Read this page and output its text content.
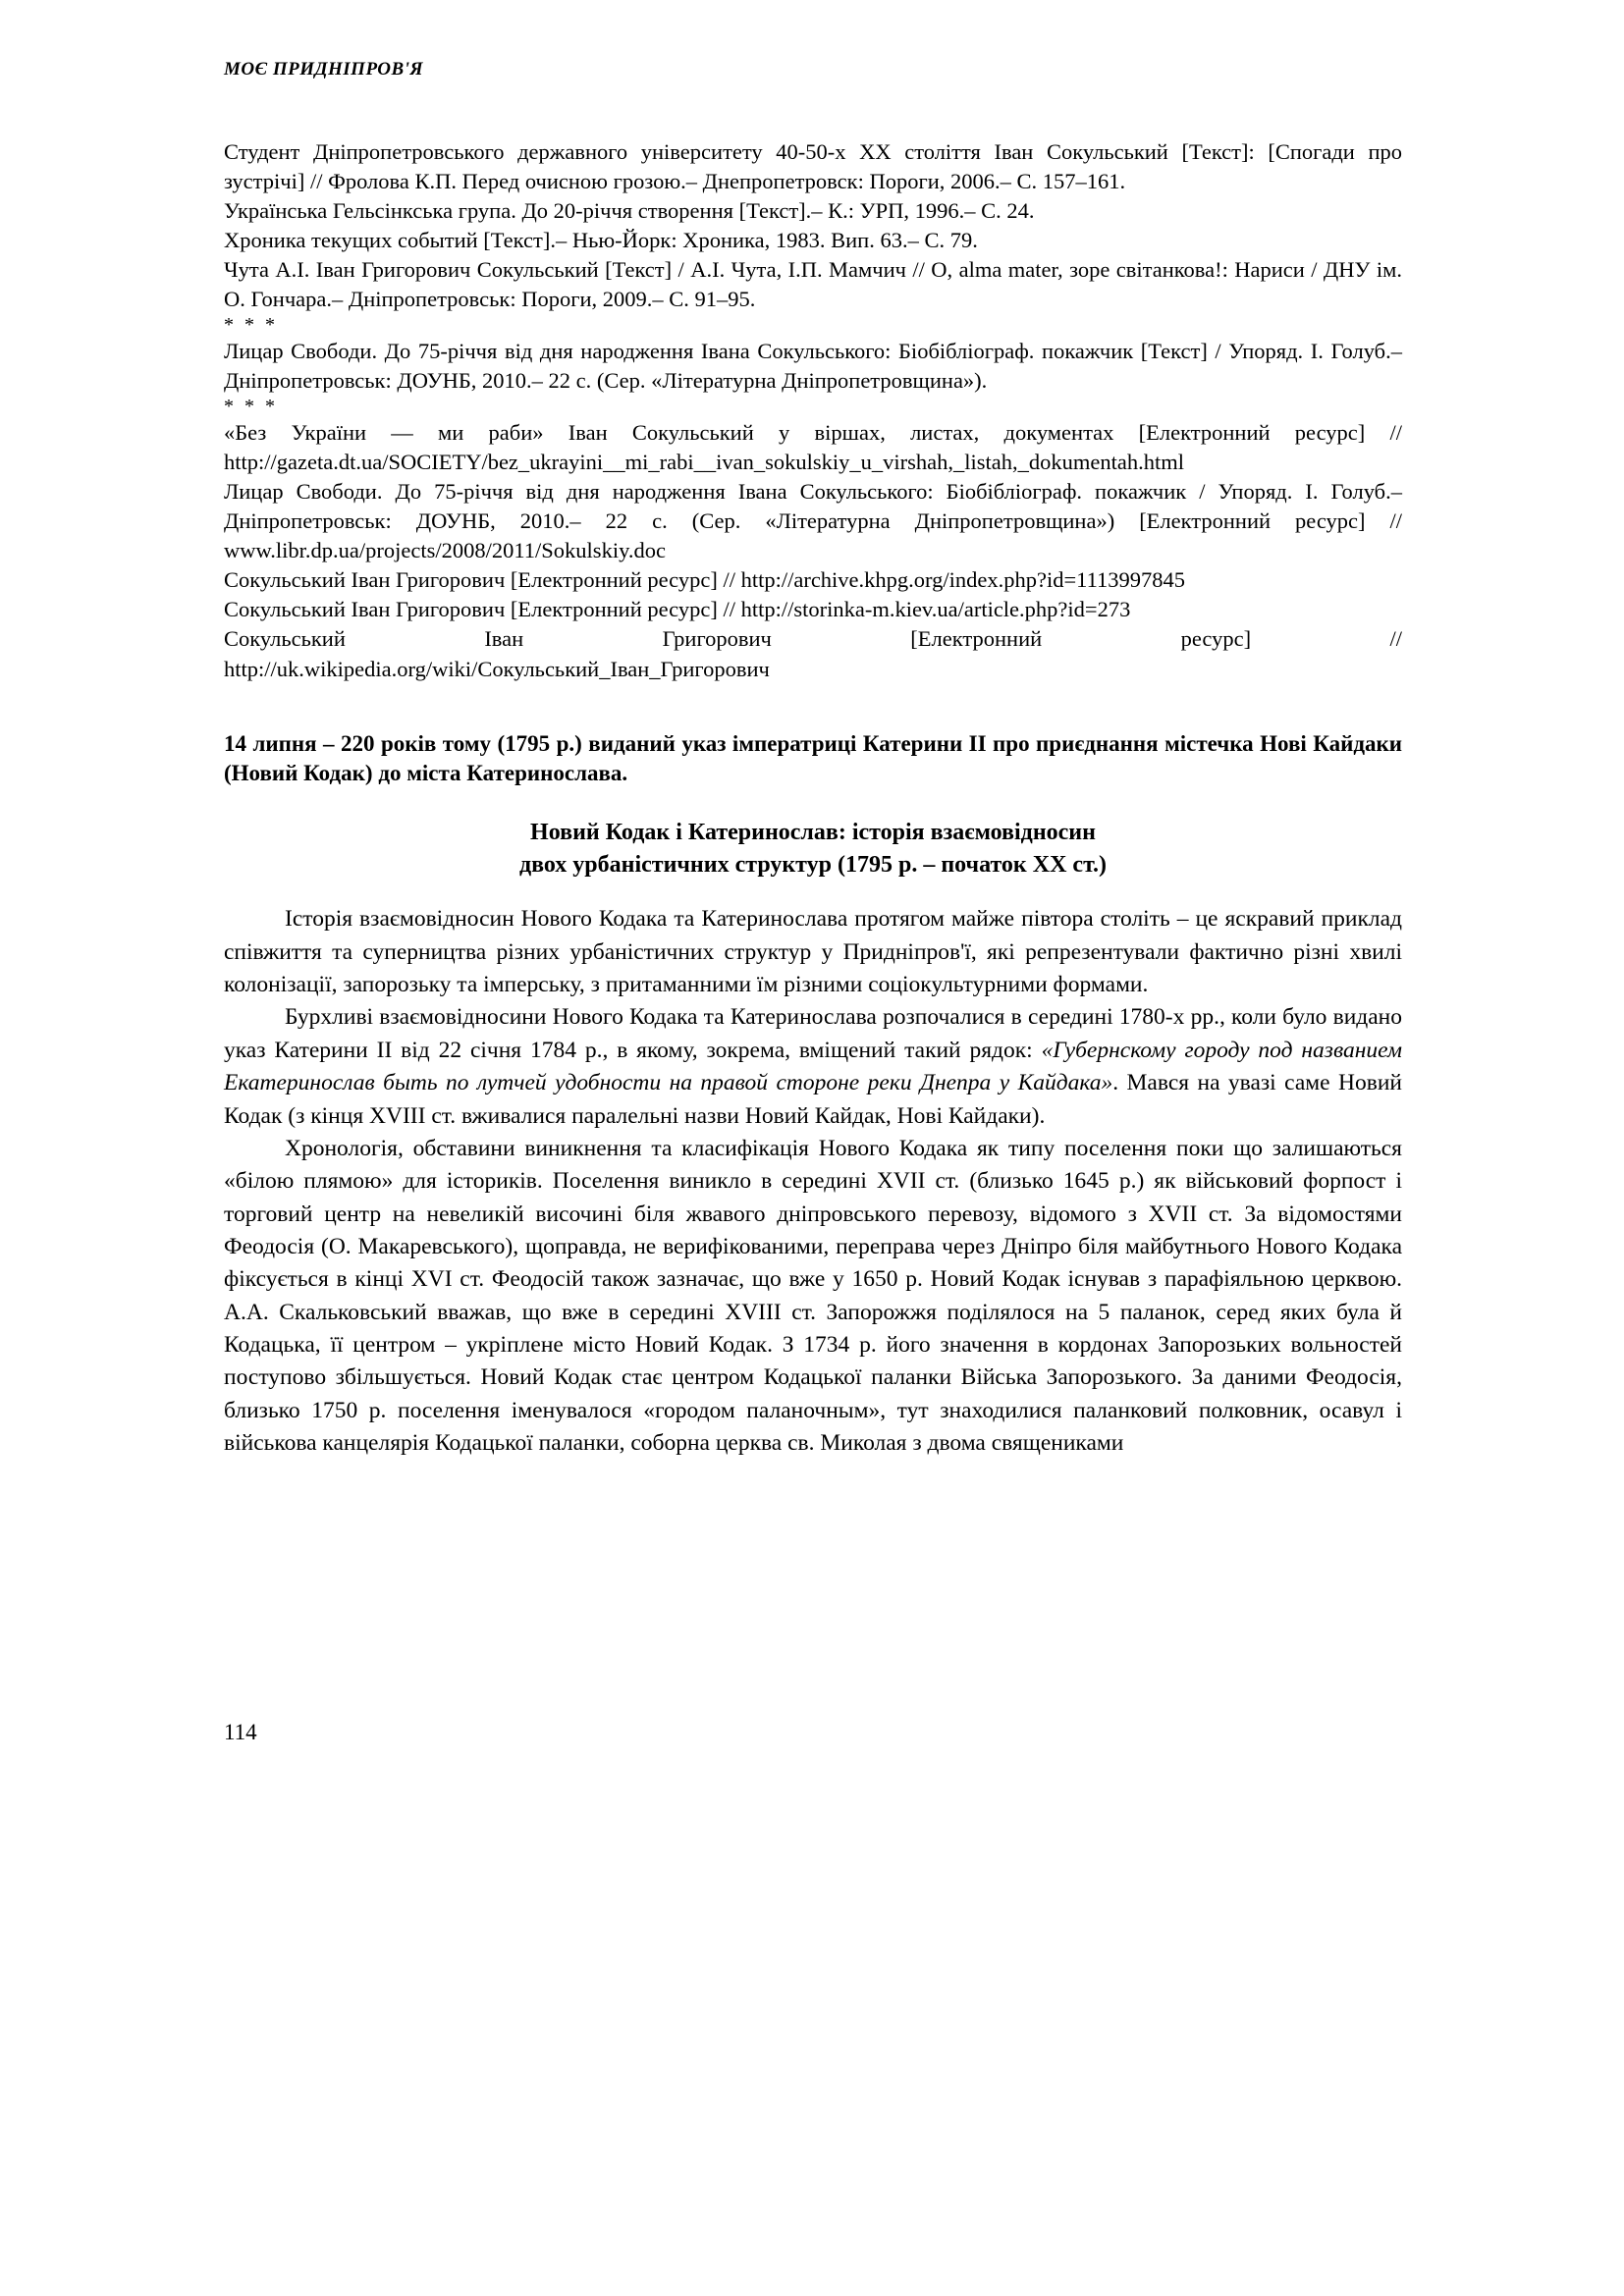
МОЄ ПРИДНІПРОВ'Я

Студент Дніпропетровського державного університету 40-50-х ХХ століття Іван Сокульський [Текст]: [Спогади про зустрічі] // Фролова К.П. Перед очисною грозою.– Днепропетровск: Пороги, 2006.– С. 157–161.

Українська Гельсінкська група. До 20-річчя створення [Текст].– К.: УРП, 1996.– С. 24.

Хроника текущих событий [Текст].– Нью-Йорк: Хроника, 1983. Вип. 63.– С. 79.

Чута А.І. Іван Григорович Сокульський [Текст] / А.І. Чута, І.П. Мамчич // О, alma mater, зоре світанкова!: Нариси / ДНУ ім. О. Гончара.– Дніпропетровськ: Пороги, 2009.– С. 91–95.

* * *

Лицар Свободи. До 75-річчя від дня народження Івана Сокульського: Біобібліограф. покажчик [Текст] / Упоряд. І. Голуб.– Дніпропетровськ: ДОУНБ, 2010.– 22 с. (Сер. «Літературна Дніпропетровщина»).

* * *

«Без України — ми раби» Іван Сокульський у віршах, листах, документах [Електронний ресурс] // http://gazeta.dt.ua/SOCIETY/bez_ukrayini__mi_rabi__ivan_sokulskiy_u_virshah,_listah,_dokumentah.html

Лицар Свободи. До 75-річчя від дня народження Івана Сокульського: Біобібліограф. покажчик / Упоряд. І. Голуб.– Дніпропетровськ: ДОУНБ, 2010.– 22 с. (Сер. «Літературна Дніпропетровщина») [Електронний ресурс] // www.libr.dp.ua/projects/2008/2011/Sokulskiy.doc

Сокульський Іван Григорович [Електронний ресурс] // http://archive.khpg.org/index.php?id=1113997845

Сокульський Іван Григорович [Електронний ресурс] // http://storinka-m.kiev.ua/article.php?id=273

Сокульський Іван Григорович [Електронний ресурс] //
http://uk.wikipedia.org/wiki/Сокульський_Іван_Григорович

14 липня – 220 років тому (1795 р.) виданий указ імператриці Катерини II про приєднання містечка Нові Кайдаки (Новий Кодак) до міста Катеринослава.
Новий Кодак і Катеринослав: історія взаємовідносин
двох урбаністичних структур (1795 р. – початок ХХ ст.)

Історія взаємовідносин Нового Кодака та Катеринослава протягом майже півтора століть – це яскравий приклад співжиття та суперництва різних урбаністичних структур у Придніпров'ї, які репрезентували фактично різні хвилі колонізації, запорозьку та імперську, з притаманними їм різними соціокультурними формами.

Бурхливі взаємовідносини Нового Кодака та Катеринослава розпочалися в середині 1780-х рр., коли було видано указ Катерини II від 22 січня 1784 р., в якому, зокрема, вміщений такий рядок: «Губернскому городу под названием Екатеринослав быть по лутчей удобности на правой стороне реки Днепра у Кайдака». Мався на увазі саме Новий Кодак (з кінця XVIII ст. вживалися паралельні назви Новий Кайдак, Нові Кайдаки).

Хронологія, обставини виникнення та класифікація Нового Кодака як типу поселення поки що залишаються «білою плямою» для істориків. Поселення виникло в середині XVII ст. (близько 1645 р.) як військовий форпост і торговий центр на невеликій височині біля жвавого дніпровського перевозу, відомого з XVII ст. За відомостями Феодосія (О. Макаревського), щоправда, не верифікованими, переправа через Дніпро біля майбутнього Нового Кодака фіксується в кінці XVI ст. Феодосій також зазначає, що вже у 1650 р. Новий Кодак існував з парафіяльною церквою. А.А. Скальковський вважав, що вже в середині XVIII ст. Запорожжя поділялося на 5 паланок, серед яких була й Кодацька, її центром – укріплене місто Новий Кодак. З 1734 р. його значення в кордонах Запорозьких вольностей поступово збільшується. Новий Кодак стає центром Кодацької паланки Війська Запорозького. За даними Феодосія, близько 1750 р. поселення іменувалося «городом паланочным», тут знаходилися паланковий полковник, осавул і військова канцелярія Кодацької паланки, соборна церква св. Миколая з двома священиками

114
